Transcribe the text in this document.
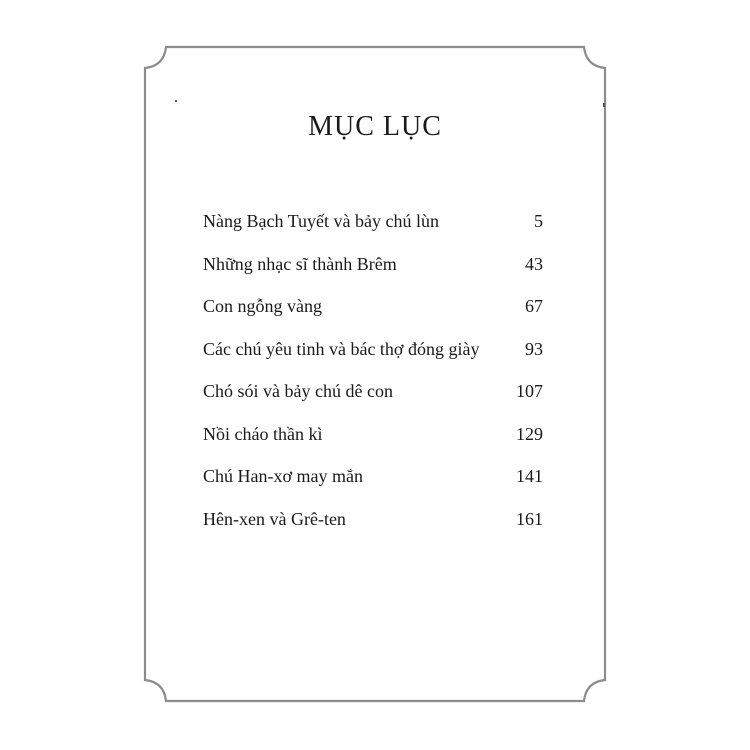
MỤC LỤC
Nàng Bạch Tuyết và bảy chú lùn	5
Những nhạc sĩ thành Brêm	43
Con ngỗng vàng	67
Các chú yêu tinh và bác thợ đóng giày	93
Chó sói và bảy chú dê con	107
Nồi cháo thần kì	129
Chú Han-xơ may mắn	141
Hên-xen và Grê-ten	161
